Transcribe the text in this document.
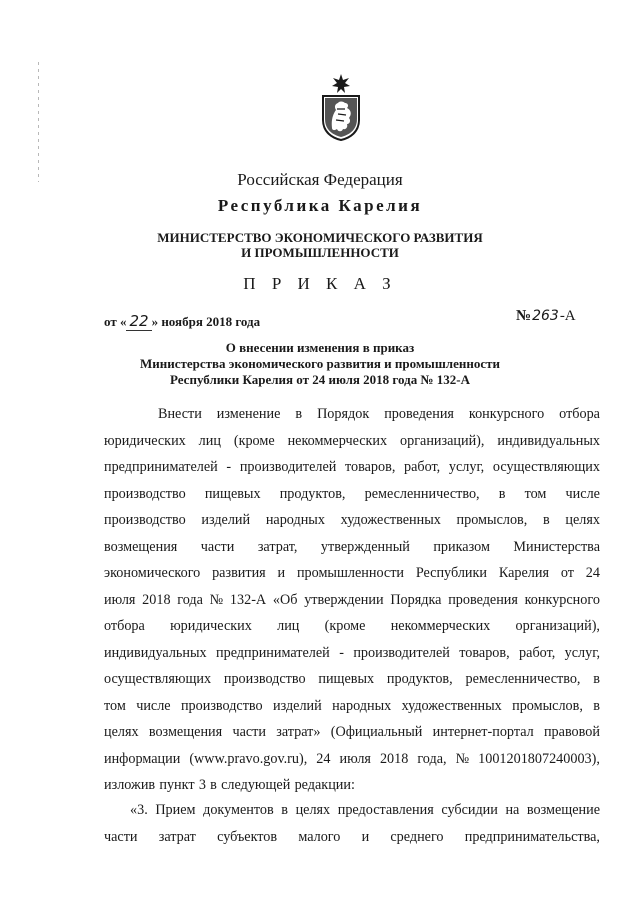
Российская Федерация
Республика Карелия
МИНИСТЕРСТВО ЭКОНОМИЧЕСКОГО РАЗВИТИЯ
И ПРОМЫШЛЕННОСТИ
П Р И К А З
от « 22 » ноября 2018 года	№263-А
О внесении изменения в приказ
Министерства экономического развития и промышленности
Республики Карелия от 24 июля 2018 года № 132-А
Внести изменение в Порядок проведения конкурсного отбора
юридических лиц (кроме некоммерческих организаций), индивидуальных
предпринимателей - производителей товаров, работ, услуг, осуществляющих
производство пищевых продуктов, ремесленничество, в том числе
производство изделий народных художественных промыслов, в целях
возмещения части затрат, утвержденный приказом Министерства
экономического развития и промышленности Республики Карелия от 24
июля 2018 года № 132-А «Об утверждении Порядка проведения конкурсного
отбора юридических лиц (кроме некоммерческих организаций),
индивидуальных предпринимателей - производителей товаров, работ, услуг,
осуществляющих производство пищевых продуктов, ремесленничество, в
том числе производство изделий народных художественных промыслов, в
целях возмещения части затрат» (Официальный интернет-портал правовой
информации (www.pravo.gov.ru), 24 июля 2018 года, № 1001201807240003),
изложив пункт 3 в следующей редакции:
«3. Прием документов в целях предоставления субсидии на возмещение
части затрат субъектов малого и среднего предпринимательства,
